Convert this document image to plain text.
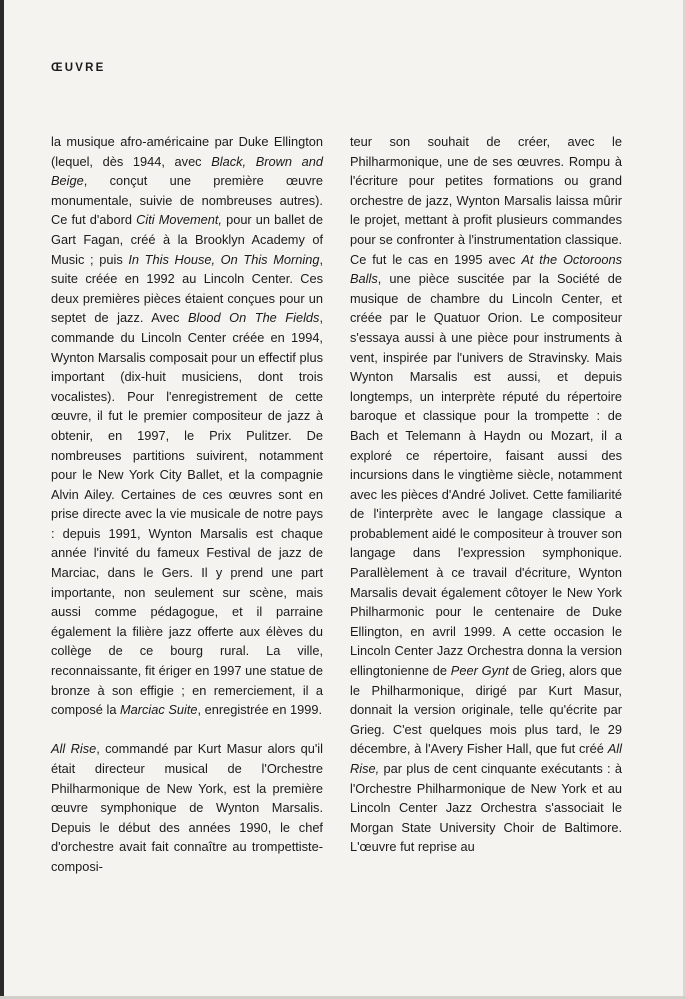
ŒUVRE

la musique afro-américaine par Duke Ellington (lequel, dès 1944, avec Black, Brown and Beige, conçut une première œuvre monumentale, suivie de nombreuses autres). Ce fut d'abord Citi Movement, pour un ballet de Gart Fagan, créé à la Brooklyn Academy of Music ; puis In This House, On This Morning, suite créée en 1992 au Lincoln Center. Ces deux premières pièces étaient conçues pour un septet de jazz. Avec Blood On The Fields, commande du Lincoln Center créée en 1994, Wynton Marsalis composait pour un effectif plus important (dix-huit musiciens, dont trois vocalistes). Pour l'enregistrement de cette œuvre, il fut le premier compositeur de jazz à obtenir, en 1997, le Prix Pulitzer. De nombreuses partitions suivirent, notamment pour le New York City Ballet, et la compagnie Alvin Ailey. Certaines de ces œuvres sont en prise directe avec la vie musicale de notre pays : depuis 1991, Wynton Marsalis est chaque année l'invité du fameux Festival de jazz de Marciac, dans le Gers. Il y prend une part importante, non seulement sur scène, mais aussi comme pédagogue, et il parraine également la filière jazz offerte aux élèves du collège de ce bourg rural. La ville, reconnaissante, fit ériger en 1997 une statue de bronze à son effigie ; en remerciement, il a composé la Marciac Suite, enregistrée en 1999.

All Rise, commandé par Kurt Masur alors qu'il était directeur musical de l'Orchestre Philharmonique de New York, est la première œuvre symphonique de Wynton Marsalis. Depuis le début des années 1990, le chef d'orchestre avait fait connaître au trompettiste-composi-

teur son souhait de créer, avec le Philharmonique, une de ses œuvres. Rompu à l'écriture pour petites formations ou grand orchestre de jazz, Wynton Marsalis laissa mûrir le projet, mettant à profit plusieurs commandes pour se confronter à l'instrumentation classique. Ce fut le cas en 1995 avec At the Octoroons Balls, une pièce suscitée par la Société de musique de chambre du Lincoln Center, et créée par le Quatuor Orion. Le compositeur s'essaya aussi à une pièce pour instruments à vent, inspirée par l'univers de Stravinsky. Mais Wynton Marsalis est aussi, et depuis longtemps, un interprète réputé du répertoire baroque et classique pour la trompette : de Bach et Telemann à Haydn ou Mozart, il a exploré ce répertoire, faisant aussi des incursions dans le vingtième siècle, notamment avec les pièces d'André Jolivet. Cette familiarité de l'interprète avec le langage classique a probablement aidé le compositeur à trouver son langage dans l'expression symphonique. Parallèlement à ce travail d'écriture, Wynton Marsalis devait également côtoyer le New York Philharmonic pour le centenaire de Duke Ellington, en avril 1999. A cette occasion le Lincoln Center Jazz Orchestra donna la version ellingtonienne de Peer Gynt de Grieg, alors que le Philharmonique, dirigé par Kurt Masur, donnait la version originale, telle qu'écrite par Grieg. C'est quelques mois plus tard, le 29 décembre, à l'Avery Fisher Hall, que fut créé All Rise, par plus de cent cinquante exécutants : à l'Orchestre Philharmonique de New York et au Lincoln Center Jazz Orchestra s'associait le Morgan State University Choir de Baltimore. L'œuvre fut reprise au
